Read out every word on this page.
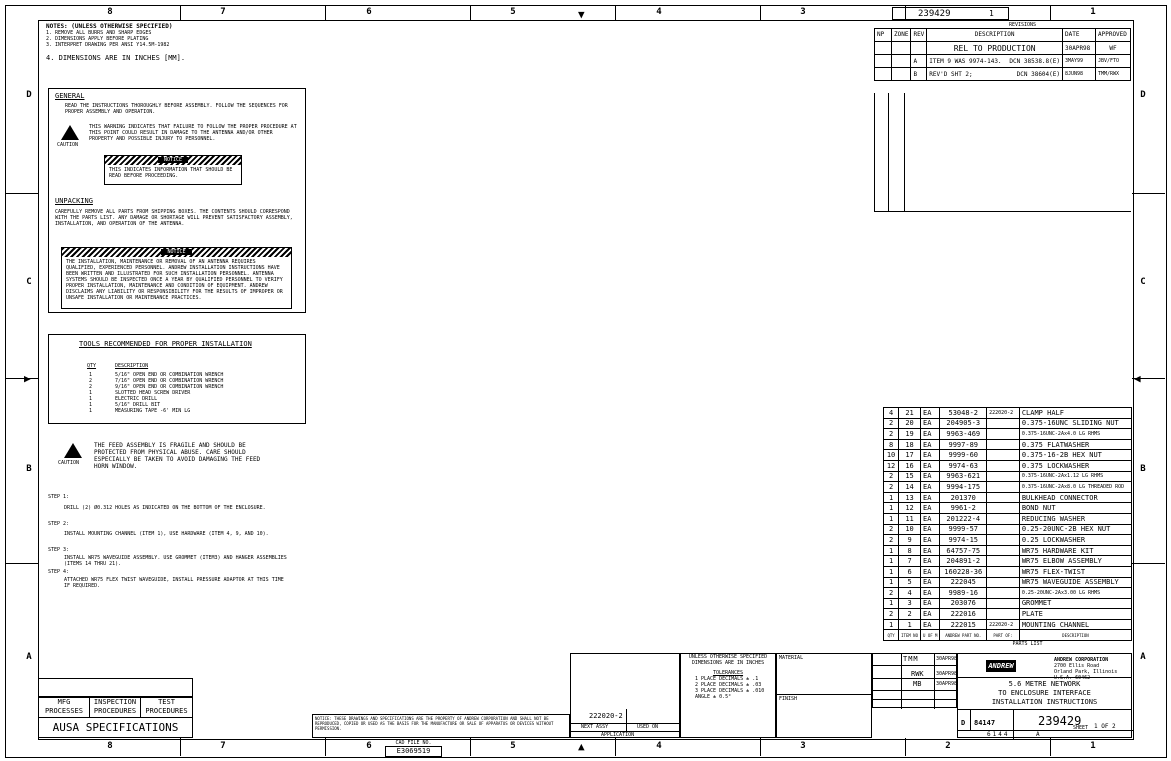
8	7	6	5	4	3	1
8	7	6	5	4	3	2	1
▼
▲
▶	◀
D
C
B
A
D
C
B
A
239429	1
NOTES: (UNLESS OTHERWISE SPECIFIED)
1. REMOVE ALL BURRS AND SHARP EDGES
2. DIMENSIONS APPLY BEFORE PLATING
3. INTERPRET DRAWING PER ANSI Y14.5M-1982
4. DIMENSIONS ARE IN INCHES [MM].
GENERAL
READ THE INSTRUCTIONS THOROUGHLY BEFORE ASSEMBLY. FOLLOW THE SEQUENCES FOR PROPER ASSEMBLY AND OPERATION.
CAUTION
THIS WARNING INDICATES THAT FAILURE TO FOLLOW THE PROPER PROCEDURE AT THIS POINT COULD RESULT IN DAMAGE TO THE ANTENNA AND/OR OTHER PROPERTY AND POSSIBLE INJURY TO PERSONNEL.
NOTICE
THIS INDICATES INFORMATION THAT SHOULD BE READ BEFORE PROCEEDING.
UNPACKING
CAREFULLY REMOVE ALL PARTS FROM SHIPPING BOXES. THE CONTENTS SHOULD CORRESPOND WITH THE PARTS LIST. ANY DAMAGE OR SHORTAGE WILL PREVENT SATISFACTORY ASSEMBLY, INSTALLATION, AND OPERATION OF THE ANTENNA.
NOTICE
THE INSTALLATION, MAINTENANCE OR REMOVAL OF AN ANTENNA REQUIRES QUALIFIED, EXPERIENCED PERSONNEL. ANDREW INSTALLATION INSTRUCTIONS HAVE BEEN WRITTEN AND ILLUSTRATED FOR SUCH INSTALLATION PERSONNEL. ANTENNA SYSTEMS SHOULD BE INSPECTED ONCE A YEAR BY QUALIFIED PERSONNEL TO VERIFY PROPER INSTALLATION, MAINTENANCE AND CONDITION OF EQUIPMENT. ANDREW DISCLAIMS ANY LIABILITY OR RESPONSIBILITY FOR THE RESULTS OF IMPROPER OR UNSAFE INSTALLATION OR MAINTENANCE PRACTICES.
TOOLS RECOMMENDED FOR PROPER INSTALLATION
QTY	DESCRIPTION
1	5/16" OPEN END OR COMBINATION WRENCH
2	7/16" OPEN END OR COMBINATION WRENCH
2	9/16" OPEN END OR COMBINATION WRENCH
1	SLOTTED HEAD SCREW DRIVER
1	ELECTRIC DRILL
1	5/16" DRILL BIT
1	MEASURING TAPE -6' MIN LG
CAUTION
THE FEED ASSEMBLY IS FRAGILE AND SHOULD BE PROTECTED FROM PHYSICAL ABUSE. CARE SHOULD ESPECIALLY BE TAKEN TO AVOID DAMAGING THE FEED HORN WINDOW.
STEP 1:
DRILL (2) Ø0.312 HOLES AS INDICATED ON THE BOTTOM OF THE ENCLOSURE.
STEP 2:
INSTALL MOUNTING CHANNEL (ITEM 1), USE HARDWARE (ITEM 4, 9, AND 10).
STEP 3:
INSTALL WR75 WAVEGUIDE ASSEMBLY. USE GROMMET (ITEM3) AND HANGER ASSEMBLIES (ITEMS 14 THRU 21).
STEP 4:
ATTACHED WR75 FLEX TWIST WAVEGUIDE, INSTALL PRESSURE ADAPTOR AT THIS TIME IF REQUIRED.
REVISIONS
NP	ZONE	REV	DESCRIPTION	DATE	APPROVED
			REL TO PRODUCTION	30APR98	WF
		A	ITEM 9 WAS 9974-143. DCN 38538.8(E)	3MAY99	JBV/FTO
		B	REV'D SHT 2; DCN 38604(E)	8JUN98	TMM/RWX
4	21	EA	53048-2	222020-2	CLAMP HALF
2	20	EA	204905-3		0.375-16UNC SLIDING NUT
2	19	EA	9963-469		0.375-16UNC-2Ax4.0 LG RHMS
8	18	EA	9997-89		0.375 FLATWASHER
10	17	EA	9999-60		0.375-16-2B HEX NUT
12	16	EA	9974-63		0.375 LOCKWASHER
2	15	EA	9963-621		0.375-16UNC-2Ax1.12 LG RHMS
2	14	EA	9994-175		0.375-16UNC-2Ax8.0 LG THREADED ROD
1	13	EA	201370		BULKHEAD CONNECTOR
1	12	EA	9961-2		BOND NUT
1	11	EA	201222-4		REDUCING WASHER
2	10	EA	9999-57		0.25-20UNC-2B HEX NUT
2	9	EA	9974-15		0.25 LOCKWASHER
1	8	EA	64757-75		WR75 HARDWARE KIT
1	7	EA	204891-2		WR75 ELBOW ASSEMBLY
1	6	EA	160228-36		WR75 FLEX-TWIST
1	5	EA	222045		WR75 WAVEGUIDE ASSEMBLY
2	4	EA	9989-16		0.25-20UNC-2Ax3.00 LG RHMS
1	3	EA	203076		GROMMET
2	2	EA	222016		PLATE
1	1	EA	222015	222020-2	MOUNTING CHANNEL
QTY	ITEM NO	U OF M	ANDREW PART NO.	PART OF:	DESCRIPTION
PARTS LIST
MFG PROCESSES
INSPECTION PROCEDURES
TEST PROCEDURES
AUSA SPECIFICATIONS
NOTICE: THESE DRAWINGS AND SPECIFICATIONS ARE THE PROPERTY OF ANDREW CORPORATION AND SHALL NOT BE REPRODUCED, COPIED OR USED AS THE BASIS FOR THE MANUFACTURE OR SALE OF APPARATUS OR DEVICES WITHOUT PERMISSION.
CAD FILE NO.
E3069519
222020-2
NEXT ASSY	USED ON
APPLICATION
UNLESS OTHERWISE SPECIFIED
DIMENSIONS ARE IN INCHES
TOLERANCES
1 PLACE DECIMALS ± .1
2 PLACE DECIMALS ± .03
3 PLACE DECIMALS ± .010
ANGLE ± 0.5°
MATERIAL
FINISH
TMM	30APR98
RWK 30APR98
MB	30APR98
ANDREW
ANDREW CORPORATION
2700 Ellis Road
Orland Park, Illinois U.S.A. 60462
5.6 METRE NETWORK
TO ENCLOSURE INTERFACE
INSTALLATION INSTRUCTIONS
D 84147	239429
SHEET 1 OF 2
6144	A
